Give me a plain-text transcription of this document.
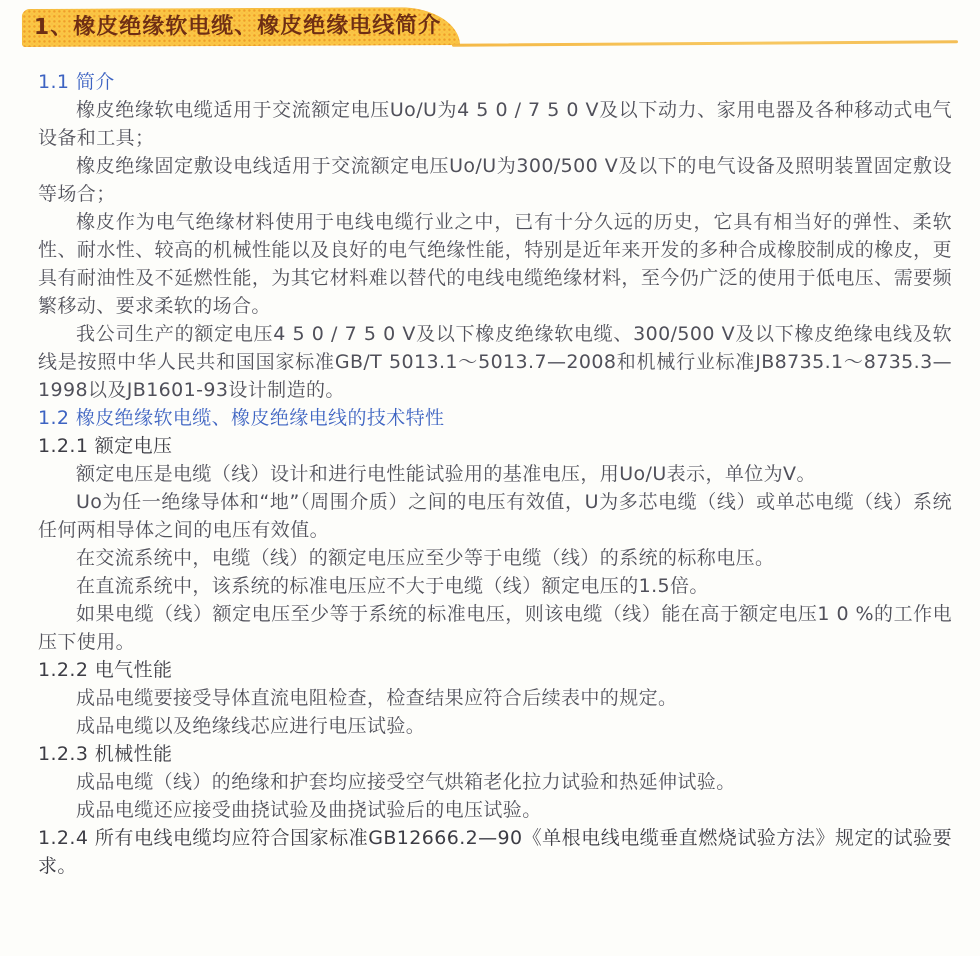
1、橡皮绝缘软电缆、橡皮绝缘电线简介
1.1 简介
橡皮绝缘软电缆适用于交流额定电压Uo/U为4 5 0 / 7 5 0 V及以下动力、家用电器及各种移动式电气设备和工具；
橡皮绝缘固定敷设电线适用于交流额定电压Uo/U为300/500 V及以下的电气设备及照明装置固定敷设等场合；
橡皮作为电气绝缘材料使用于电线电缆行业之中，已有十分久远的历史，它具有相当好的弹性、柔软性、耐水性、较高的机械性能以及良好的电气绝缘性能，特别是近年来开发的多种合成橡胶制成的橡皮，更具有耐油性及不延燃性能，为其它材料难以替代的电线电缆绝缘材料，至今仍广泛的使用于低电压、需要频繁移动、要求柔软的场合。
我公司生产的额定电压4 5 0 / 7 5 0 V及以下橡皮绝缘软电缆、300/500 V及以下橡皮绝缘电线及软线是按照中华人民共和国国家标准GB/T 5013.1～5013.7—2008和机械行业标准JB8735.1～8735.3—1998以及JB1601-93设计制造的。
1.2 橡皮绝缘软电缆、橡皮绝缘电线的技术特性
1.2.1 额定电压
额定电压是电缆（线）设计和进行电性能试验用的基准电压，用Uo/U表示，单位为V。
Uo为任一绝缘导体和“地”（周围介质）之间的电压有效值，U为多芯电缆（线）或单芯电缆（线）系统任何两相导体之间的电压有效值。
在交流系统中，电缆（线）的额定电压应至少等于电缆（线）的系统的标称电压。
在直流系统中，该系统的标准电压应不大于电缆（线）额定电压的1.5倍。
如果电缆（线）额定电压至少等于系统的标准电压，则该电缆（线）能在高于额定电压1 0 %的工作电压下使用。
1.2.2 电气性能
成品电缆要接受导体直流电阻检查，检查结果应符合后续表中的规定。
成品电缆以及绝缘线芯应进行电压试验。
1.2.3 机械性能
成品电缆（线）的绝缘和护套均应接受空气烘箱老化拉力试验和热延伸试验。
成品电缆还应接受曲挠试验及曲挠试验后的电压试验。
1.2.4 所有电线电缆均应符合国家标准GB12666.2—90《单根电线电缆垂直燃烧试验方法》规定的试验要求。
